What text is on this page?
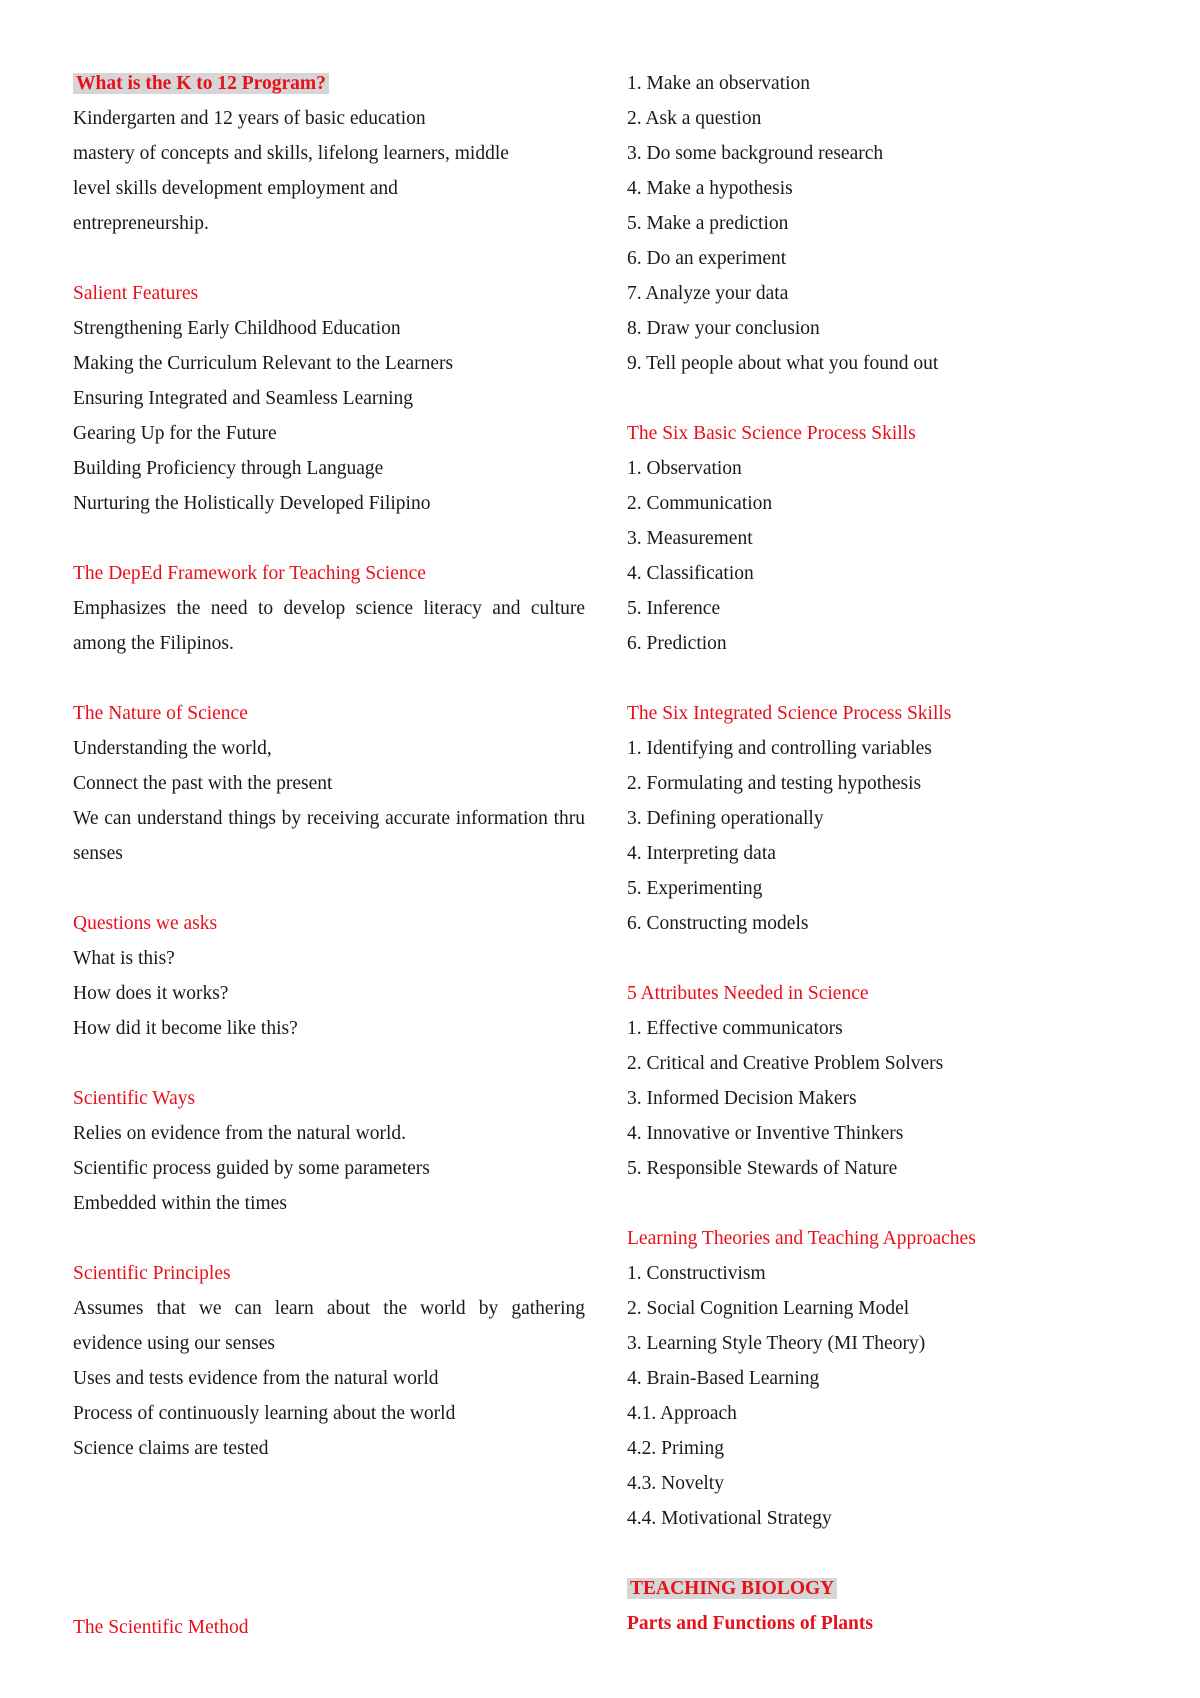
What is the K to 12 Program?
Kindergarten and 12 years of basic education
mastery of concepts and skills, lifelong learners, middle
level skills development employment and
entrepreneurship.
Salient Features
Strengthening Early Childhood Education
Making the Curriculum Relevant to the Learners
Ensuring Integrated and Seamless Learning
Gearing Up for the Future
Building Proficiency through Language
Nurturing the Holistically Developed Filipino
The DepEd Framework for Teaching Science

Emphasizes the need to develop science literacy and culture among the Filipinos.

The Nature of Science
Understanding the world,
Connect the past with the present

We can understand things by receiving accurate information thru senses

Questions we asks
What is this?
How does it works?
How did it become like this?
Scientific Ways
Relies on evidence from the natural world.
Scientific process guided by some parameters
Embedded within the times
Scientific Principles

Assumes that we can learn about the world by gathering evidence using our senses

Uses and tests evidence from the natural world
Process of continuously learning about the world
Science claims are tested
The Scientific Method
1. Make an observation
2. Ask a question
3. Do some background research
4. Make a hypothesis
5. Make a prediction
6. Do an experiment
7. Analyze your data
8. Draw your conclusion
9. Tell people about what you found out
The Six Basic Science Process Skills
1. Observation
2. Communication
3. Measurement
4. Classification
5. Inference
6. Prediction
The Six Integrated Science Process Skills
1. Identifying and controlling variables
2. Formulating and testing hypothesis
3. Defining operationally
4. Interpreting data
5. Experimenting
6. Constructing models
5 Attributes Needed in Science
1. Effective communicators
2. Critical and Creative Problem Solvers
3. Informed Decision Makers
4. Innovative or Inventive Thinkers
5. Responsible Stewards of Nature
Learning Theories and Teaching Approaches
1. Constructivism
2. Social Cognition Learning Model
3. Learning Style Theory (MI Theory)
4. Brain-Based Learning
4.1. Approach
4.2. Priming
4.3. Novelty
4.4. Motivational Strategy
TEACHING BIOLOGY
Parts and Functions of Plants
